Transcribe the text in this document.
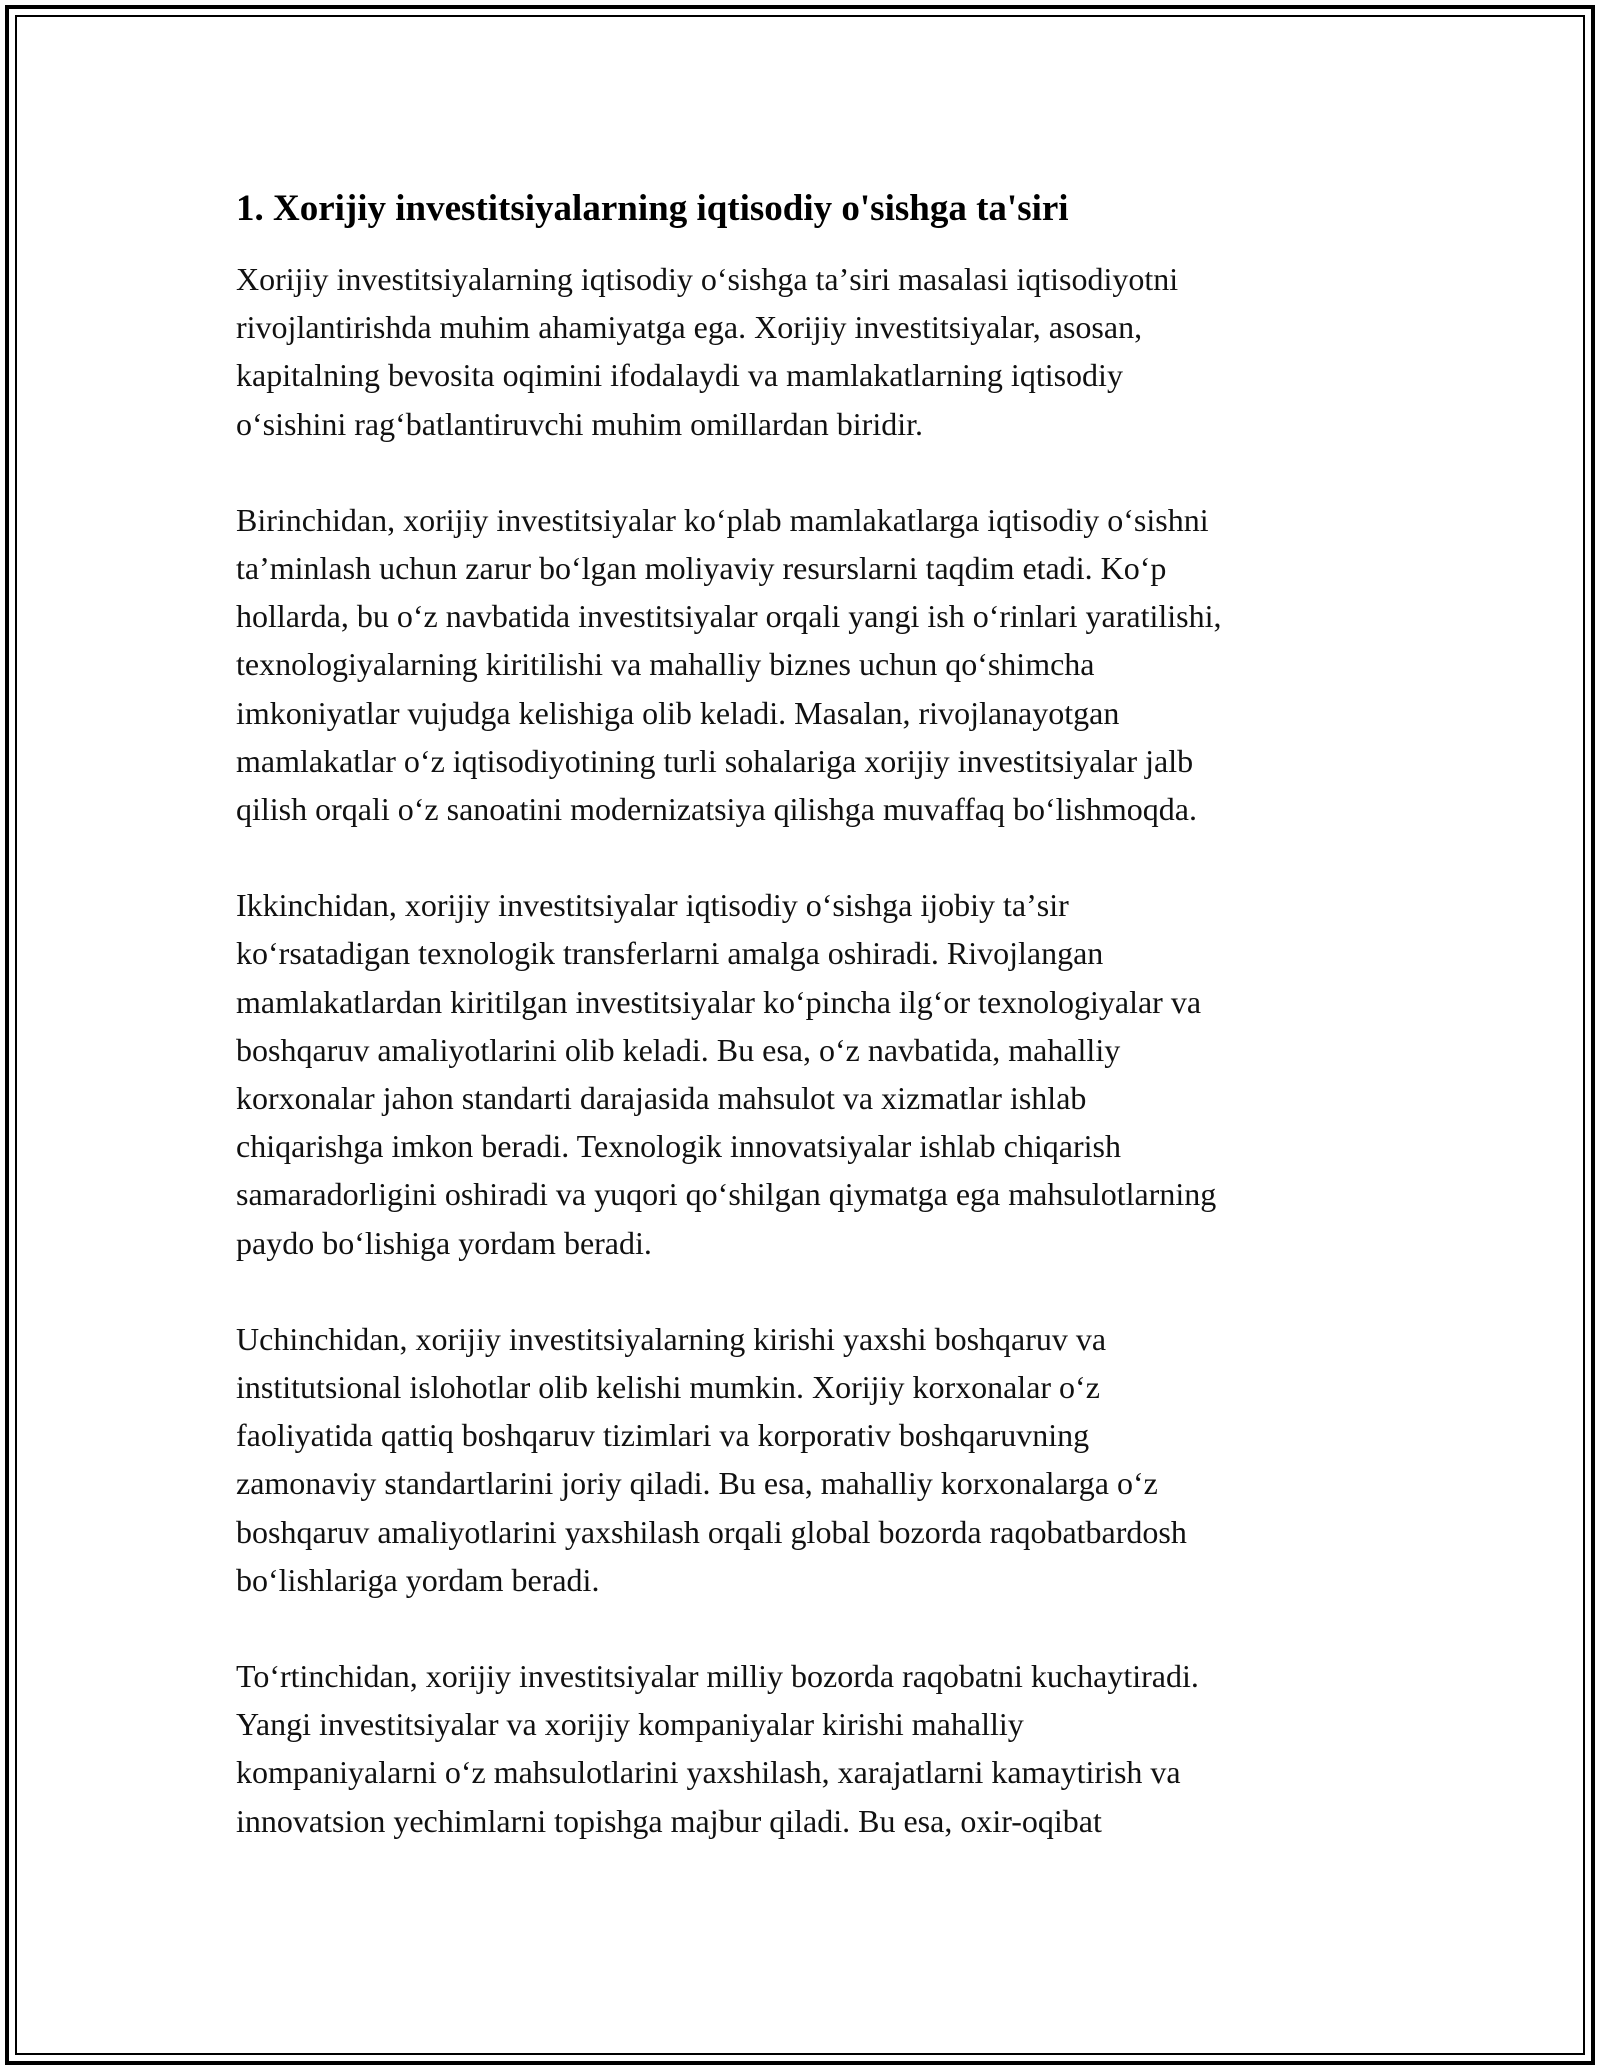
1. Xorijiy investitsiyalarning iqtisodiy o'sishga ta'siri

Xorijiy investitsiyalarning iqtisodiy oʻsishga taʼsiri masalasi iqtisodiyotni
rivojlantirishda muhim ahamiyatga ega. Xorijiy investitsiyalar, asosan,
kapitalning bevosita oqimini ifodalaydi va mamlakatlarning iqtisodiy
oʻsishini ragʻbatlantiruvchi muhim omillardan biridir.

Birinchidan, xorijiy investitsiyalar koʻplab mamlakatlarga iqtisodiy oʻsishni
taʼminlash uchun zarur boʻlgan moliyaviy resurslarni taqdim etadi. Koʻp
hollarda, bu oʻz navbatida investitsiyalar orqali yangi ish oʻrinlari yaratilishi,
texnologiyalarning kiritilishi va mahalliy biznes uchun qoʻshimcha
imkoniyatlar vujudga kelishiga olib keladi. Masalan, rivojlanayotgan
mamlakatlar oʻz iqtisodiyotining turli sohalariga xorijiy investitsiyalar jalb
qilish orqali oʻz sanoatini modernizatsiya qilishga muvaffaq boʻlishmoqda.

Ikkinchidan, xorijiy investitsiyalar iqtisodiy oʻsishga ijobiy taʼsir
koʻrsatadigan texnologik transferlarni amalga oshiradi. Rivojlangan
mamlakatlardan kiritilgan investitsiyalar koʻpincha ilgʻor texnologiyalar va
boshqaruv amaliyotlarini olib keladi. Bu esa, oʻz navbatida, mahalliy
korxonalar jahon standarti darajasida mahsulot va xizmatlar ishlab
chiqarishga imkon beradi. Texnologik innovatsiyalar ishlab chiqarish
samaradorligini oshiradi va yuqori qoʻshilgan qiymatga ega mahsulotlarning
paydo boʻlishiga yordam beradi.

Uchinchidan, xorijiy investitsiyalarning kirishi yaxshi boshqaruv va
institutsional islohotlar olib kelishi mumkin. Xorijiy korxonalar oʻz
faoliyatida qattiq boshqaruv tizimlari va korporativ boshqaruvning
zamonaviy standartlarini joriy qiladi. Bu esa, mahalliy korxonalarga oʻz
boshqaruv amaliyotlarini yaxshilash orqali global bozorda raqobatbardosh
boʻlishlariga yordam beradi.

Toʻrtinchidan, xorijiy investitsiyalar milliy bozorda raqobatni kuchaytiradi.
Yangi investitsiyalar va xorijiy kompaniyalar kirishi mahalliy
kompaniyalarni oʻz mahsulotlarini yaxshilash, xarajatlarni kamaytirish va
innovatsion yechimlarni topishga majbur qiladi. Bu esa, oxir-oqibat
